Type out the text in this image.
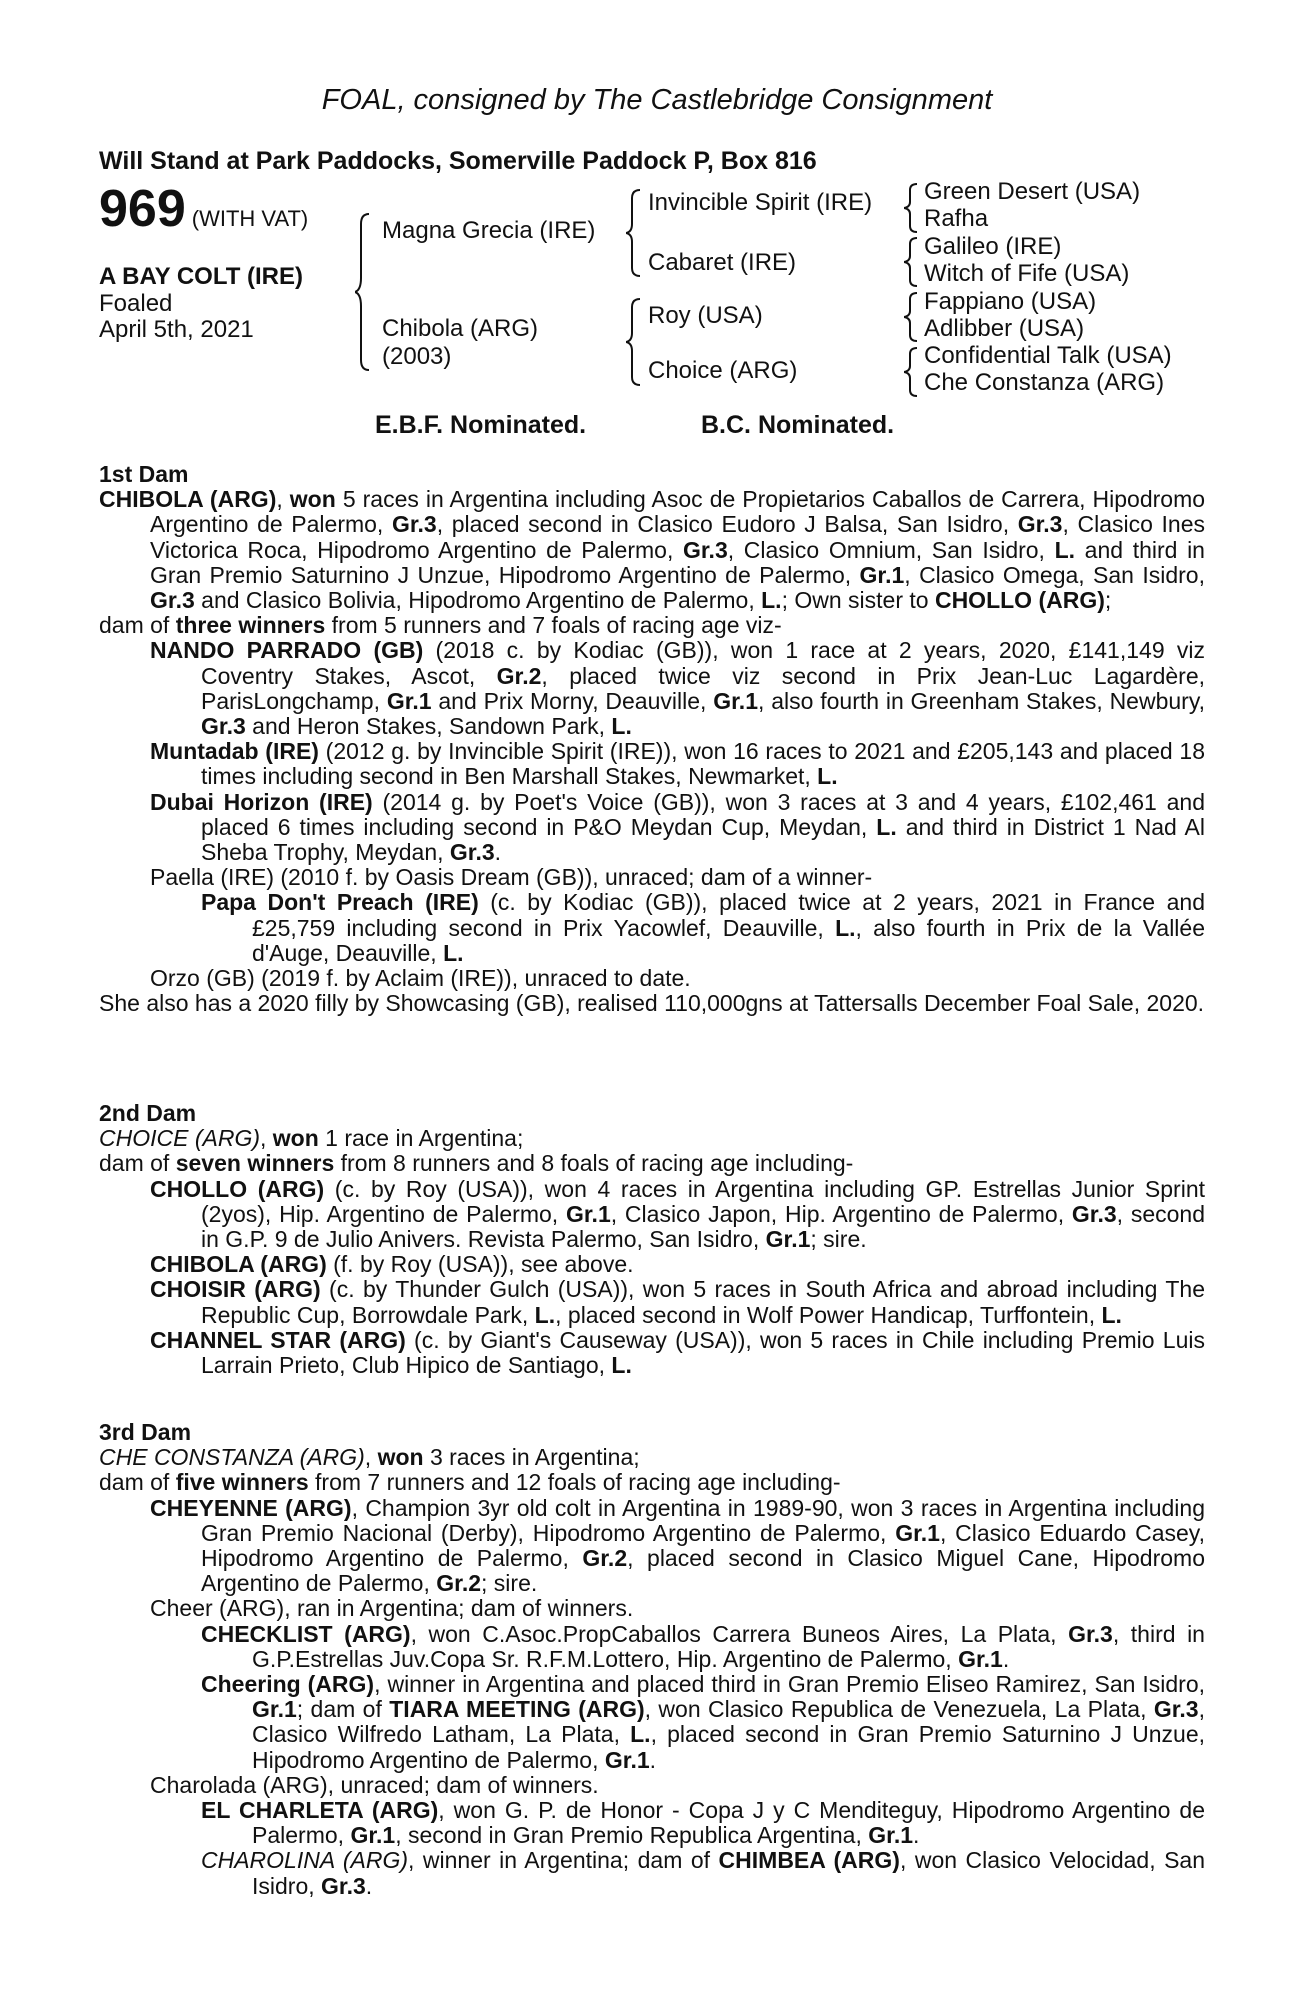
FOAL, consigned by The Castlebridge Consignment
Will Stand at Park Paddocks, Somerville Paddock P, Box 816
969 (WITH VAT)
A BAY COLT (IRE)
Foaled
April 5th, 2021
Magna Grecia (IRE)
Chibola (ARG)
(2003)
Invincible Spirit (IRE)
Cabaret (IRE)
Roy (USA)
Choice (ARG)
Green Desert (USA)
Rafha
Galileo (IRE)
Witch of Fife (USA)
Fappiano (USA)
Adlibber (USA)
Confidential Talk (USA)
Che Constanza (ARG)
E.B.F. Nominated.	B.C. Nominated.

1st Dam

CHIBOLA (ARG), won 5 races in Argentina including Asoc de Propietarios Caballos de Carrera, Hipodromo Argentino de Palermo, Gr.3, placed second in Clasico Eudoro J Balsa, San Isidro, Gr.3, Clasico Ines Victorica Roca, Hipodromo Argentino de Palermo, Gr.3, Clasico Omnium, San Isidro, L. and third in Gran Premio Saturnino J Unzue, Hipodromo Argentino de Palermo, Gr.1, Clasico Omega, San Isidro, Gr.3 and Clasico Bolivia, Hipodromo Argentino de Palermo, L.; Own sister to CHOLLO (ARG);

dam of three winners from 5 runners and 7 foals of racing age viz-

NANDO PARRADO (GB) (2018 c. by Kodiac (GB)), won 1 race at 2 years, 2020, £141,149 viz Coventry Stakes, Ascot, Gr.2, placed twice viz second in Prix Jean-Luc Lagardère, ParisLongchamp, Gr.1 and Prix Morny, Deauville, Gr.1, also fourth in Greenham Stakes, Newbury, Gr.3 and Heron Stakes, Sandown Park, L.

Muntadab (IRE) (2012 g. by Invincible Spirit (IRE)), won 16 races to 2021 and £205,143 and placed 18 times including second in Ben Marshall Stakes, Newmarket, L.

Dubai Horizon (IRE) (2014 g. by Poet's Voice (GB)), won 3 races at 3 and 4 years, £102,461 and placed 6 times including second in P&O Meydan Cup, Meydan, L. and third in District 1 Nad Al Sheba Trophy, Meydan, Gr.3.

Paella (IRE) (2010 f. by Oasis Dream (GB)), unraced; dam of a winner-

Papa Don't Preach (IRE) (c. by Kodiac (GB)), placed twice at 2 years, 2021 in France and £25,759 including second in Prix Yacowlef, Deauville, L., also fourth in Prix de la Vallée d'Auge, Deauville, L.

Orzo (GB) (2019 f. by Aclaim (IRE)), unraced to date.

She also has a 2020 filly by Showcasing (GB), realised 110,000gns at Tattersalls December Foal Sale, 2020.

2nd Dam

CHOICE (ARG), won 1 race in Argentina;

dam of seven winners from 8 runners and 8 foals of racing age including-

CHOLLO (ARG) (c. by Roy (USA)), won 4 races in Argentina including GP. Estrellas Junior Sprint (2yos), Hip. Argentino de Palermo, Gr.1, Clasico Japon, Hip. Argentino de Palermo, Gr.3, second in G.P. 9 de Julio Anivers. Revista Palermo, San Isidro, Gr.1; sire.

CHIBOLA (ARG) (f. by Roy (USA)), see above.

CHOISIR (ARG) (c. by Thunder Gulch (USA)), won 5 races in South Africa and abroad including The Republic Cup, Borrowdale Park, L., placed second in Wolf Power Handicap, Turffontein, L.

CHANNEL STAR (ARG) (c. by Giant's Causeway (USA)), won 5 races in Chile including Premio Luis Larrain Prieto, Club Hipico de Santiago, L.

3rd Dam

CHE CONSTANZA (ARG), won 3 races in Argentina;

dam of five winners from 7 runners and 12 foals of racing age including-

CHEYENNE (ARG), Champion 3yr old colt in Argentina in 1989-90, won 3 races in Argentina including Gran Premio Nacional (Derby), Hipodromo Argentino de Palermo, Gr.1, Clasico Eduardo Casey, Hipodromo Argentino de Palermo, Gr.2, placed second in Clasico Miguel Cane, Hipodromo Argentino de Palermo, Gr.2; sire.

Cheer (ARG), ran in Argentina; dam of winners.

CHECKLIST (ARG), won C.Asoc.PropCaballos Carrera Buneos Aires, La Plata, Gr.3, third in G.P.Estrellas Juv.Copa Sr. R.F.M.Lottero, Hip. Argentino de Palermo, Gr.1.

Cheering (ARG), winner in Argentina and placed third in Gran Premio Eliseo Ramirez, San Isidro, Gr.1; dam of TIARA MEETING (ARG), won Clasico Republica de Venezuela, La Plata, Gr.3, Clasico Wilfredo Latham, La Plata, L., placed second in Gran Premio Saturnino J Unzue, Hipodromo Argentino de Palermo, Gr.1.

Charolada (ARG), unraced; dam of winners.

EL CHARLETA (ARG), won G. P. de Honor - Copa J y C Menditeguy, Hipodromo Argentino de Palermo, Gr.1, second in Gran Premio Republica Argentina, Gr.1.

CHAROLINA (ARG), winner in Argentina; dam of CHIMBEA (ARG), won Clasico Velocidad, San Isidro, Gr.3.
